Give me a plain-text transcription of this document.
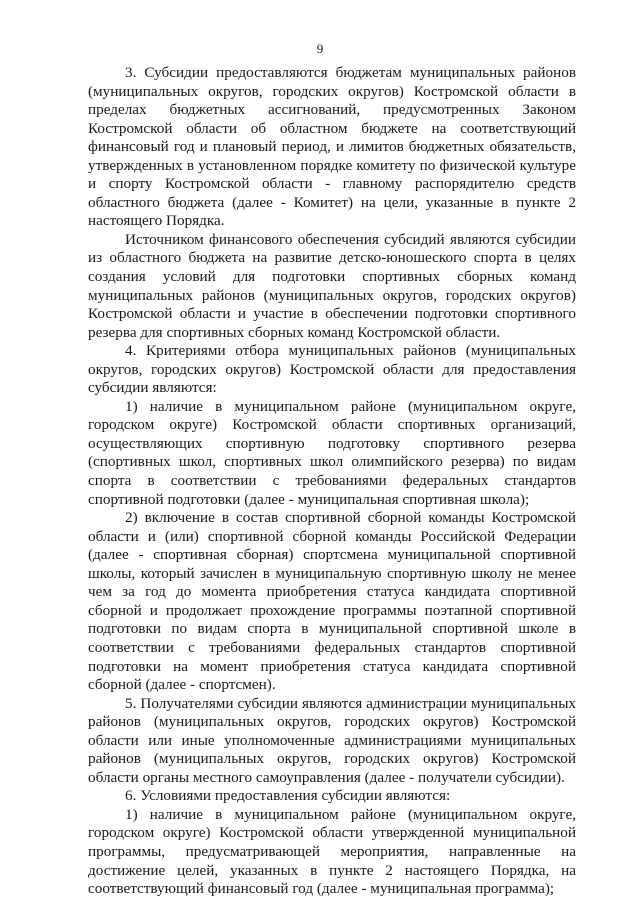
9

3. Субсидии предоставляются бюджетам муниципальных районов (муниципальных округов, городских округов) Костромской области в пределах бюджетных ассигнований, предусмотренных Законом Костромской области об областном бюджете на соответствующий финансовый год и плановый период, и лимитов бюджетных обязательств, утвержденных в установленном порядке комитету по физической культуре и спорту Костромской области - главному распорядителю средств областного бюджета (далее - Комитет) на цели, указанные в пункте 2 настоящего Порядка.

Источником финансового обеспечения субсидий являются субсидии из областного бюджета на развитие детско-юношеского спорта в целях создания условий для подготовки спортивных сборных команд муниципальных районов (муниципальных округов, городских округов) Костромской области и участие в обеспечении подготовки спортивного резерва для спортивных сборных команд Костромской области.

4. Критериями отбора муниципальных районов (муниципальных округов, городских округов) Костромской области для предоставления субсидии являются:

1) наличие в муниципальном районе (муниципальном округе, городском округе) Костромской области спортивных организаций, осуществляющих спортивную подготовку спортивного резерва (спортивных школ, спортивных школ олимпийского резерва) по видам спорта в соответствии с требованиями федеральных стандартов спортивной подготовки (далее - муниципальная спортивная школа);

2) включение в состав спортивной сборной команды Костромской области и (или) спортивной сборной команды Российской Федерации (далее - спортивная сборная) спортсмена муниципальной спортивной школы, который зачислен в муниципальную спортивную школу не менее чем за год до момента приобретения статуса кандидата спортивной сборной и продолжает прохождение программы поэтапной спортивной подготовки по видам спорта в муниципальной спортивной школе в соответствии с требованиями федеральных стандартов спортивной подготовки на момент приобретения статуса кандидата спортивной сборной (далее - спортсмен).

5. Получателями субсидии являются администрации муниципальных районов (муниципальных округов, городских округов) Костромской области или иные уполномоченные администрациями муниципальных районов (муниципальных округов, городских округов) Костромской области органы местного самоуправления (далее - получатели субсидии).

6. Условиями предоставления субсидии являются:

1) наличие в муниципальном районе (муниципальном округе, городском округе) Костромской области утвержденной муниципальной программы, предусматривающей мероприятия, направленные на достижение целей, указанных в пункте 2 настоящего Порядка, на соответствующий финансовый год (далее - муниципальная программа);
